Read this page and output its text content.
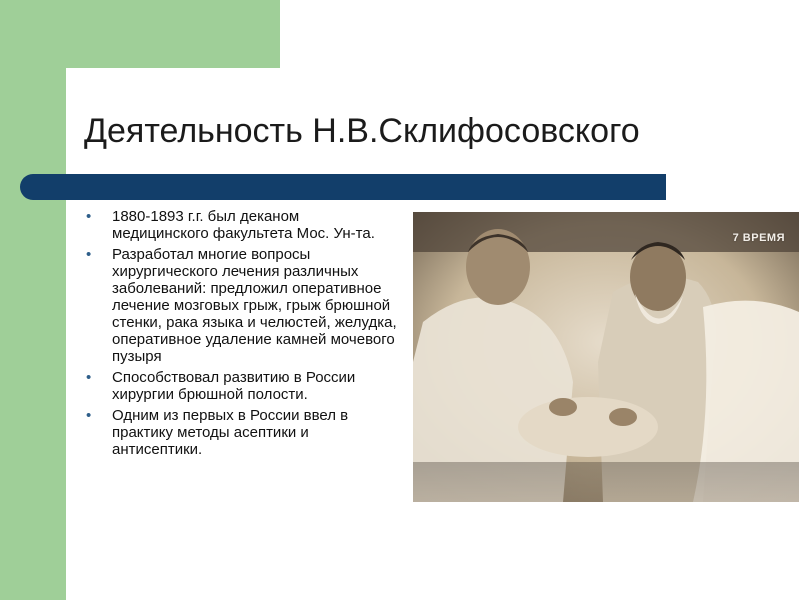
Деятельность Н.В.Склифосовского
• 1880-1893 г.г. был деканом медицинского факультета Мос. Ун-та.
• Разработал многие вопросы хирургического лечения различных заболеваний: предложил оперативное лечение мозговых грыж, грыж брюшной стенки, рака языка и челюстей, желудка, оперативное удаление камней мочевого пузыря
• Способствовал развитию в России хирургии брюшной полости.
• Одним из первых в России ввел в практику методы асептики и антисептики.
7 ВРЕМЯ
